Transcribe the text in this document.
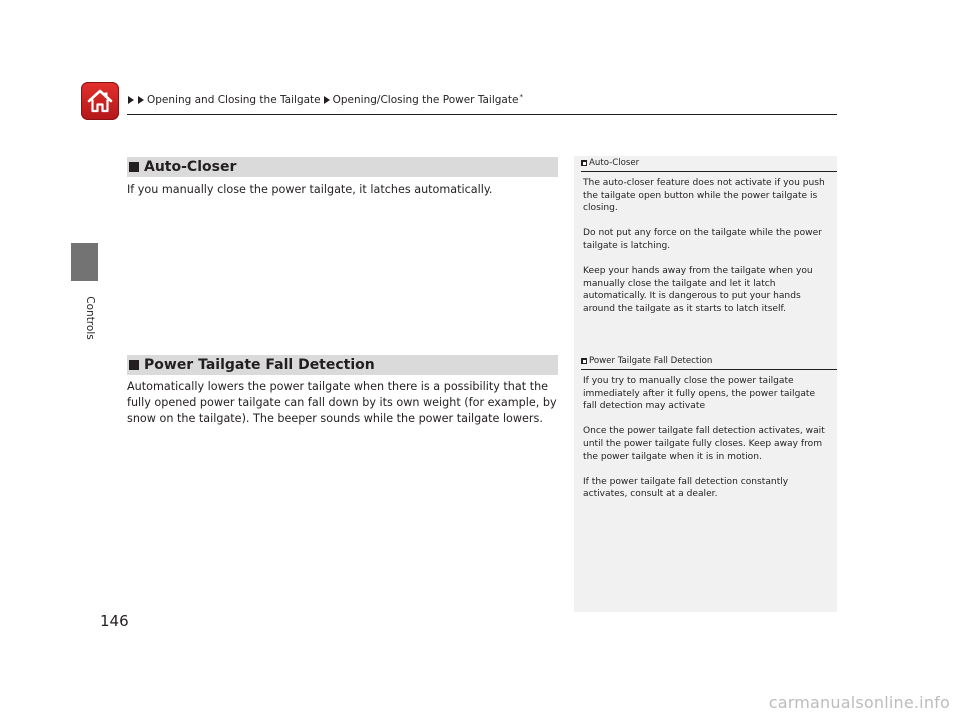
Opening and Closing the Tailgate Opening/Closing the Power Tailgate *
Controls
Auto-Closer
If you manually close the power tailgate, it latches automatically.
Power Tailgate Fall Detection
Automatically lowers the power tailgate when there is a possibility that the fully opened power tailgate can fall down by its own weight (for example, by snow on the tailgate). The beeper sounds while the power tailgate lowers.
Auto-Closer

The auto-closer feature does not activate if you push the tailgate open button while the power tailgate is closing.

Do not put any force on the tailgate while the power tailgate is latching.

Keep your hands away from the tailgate when you manually close the tailgate and let it latch automatically. It is dangerous to put your hands around the tailgate as it starts to latch itself.

Power Tailgate Fall Detection

If you try to manually close the power tailgate immediately after it fully opens, the power tailgate fall detection may activate

Once the power tailgate fall detection activates, wait until the power tailgate fully closes. Keep away from the power tailgate when it is in motion.

If the power tailgate fall detection constantly activates, consult at a dealer.

146
carmanualsonline.info
